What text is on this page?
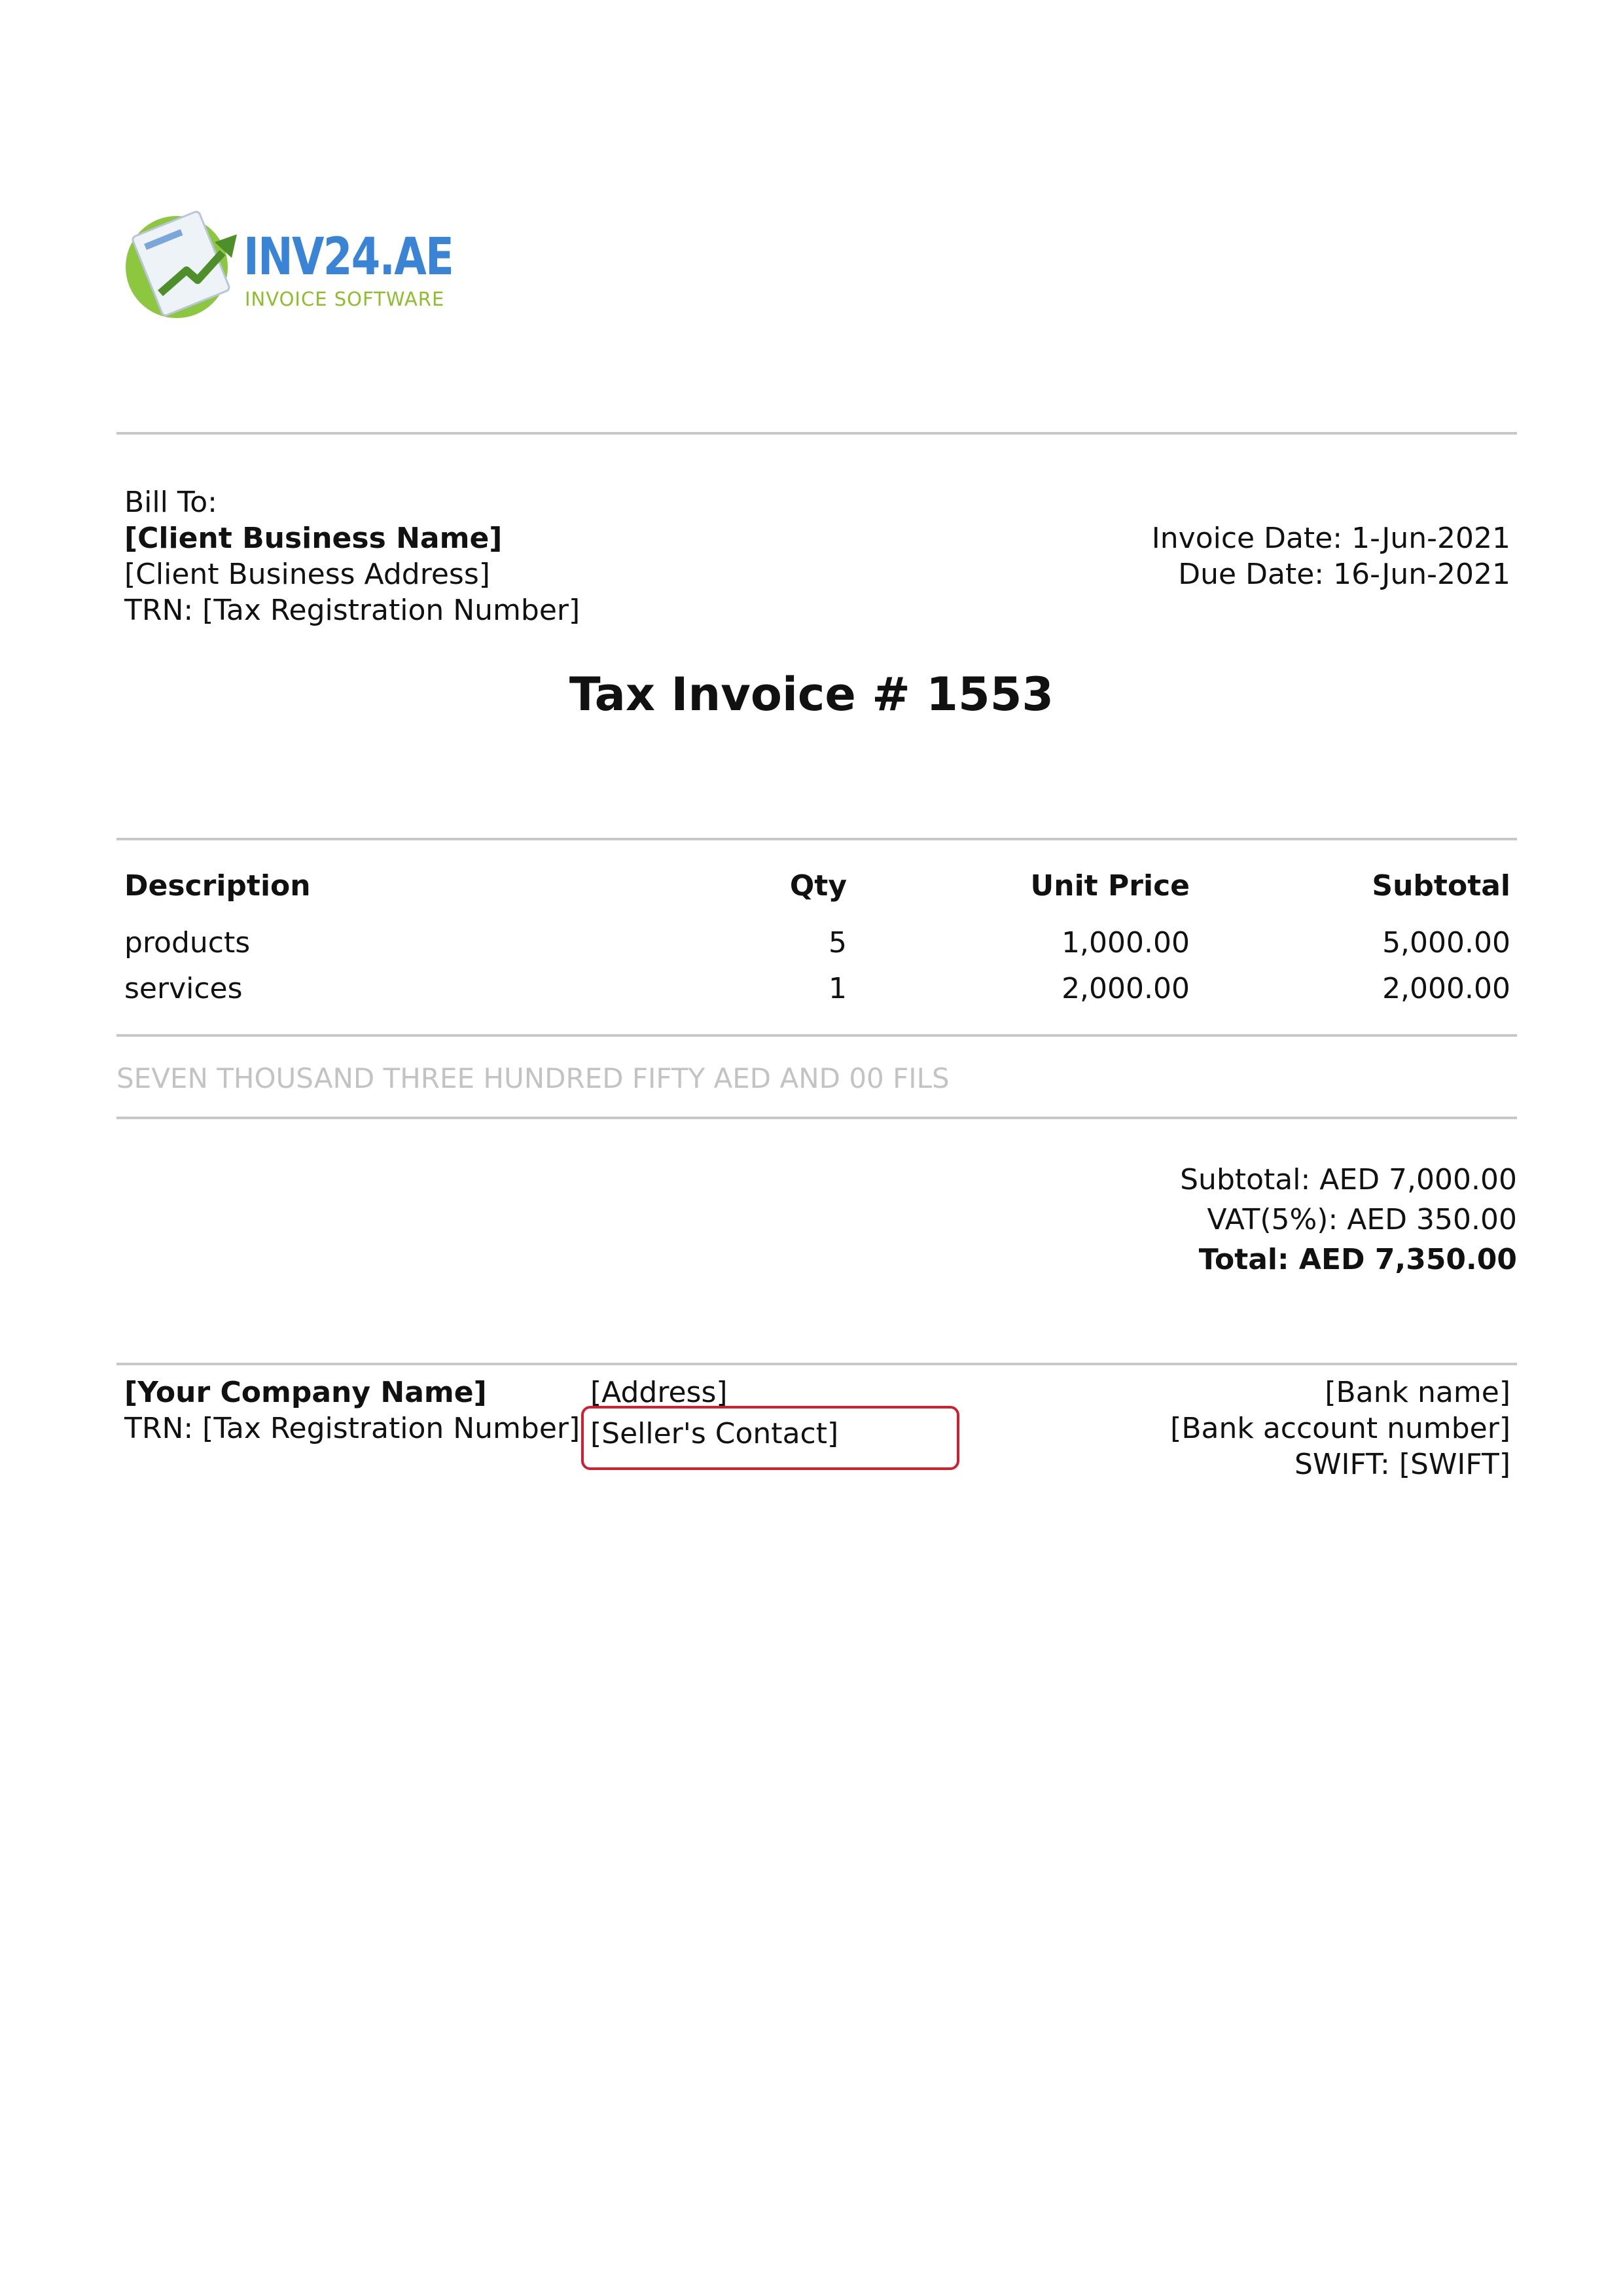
INV24.AE
INVOICE SOFTWARE
Bill To:
[Client Business Name]
[Client Business Address]
TRN: [Tax Registration Number]
Invoice Date: 1-Jun-2021
Due Date: 16-Jun-2021
Tax Invoice # 1553
Description	Qty	Unit Price	Subtotal
products	5	1,000.00	5,000.00
services	1	2,000.00	2,000.00
SEVEN THOUSAND THREE HUNDRED FIFTY AED AND 00 FILS
Subtotal: AED 7,000.00
VAT(5%): AED 350.00
Total: AED 7,350.00
[Your Company Name]
TRN: [Tax Registration Number]
[Address]
[Seller's Contact]
[Bank name]
[Bank account number]
SWIFT: [SWIFT]
